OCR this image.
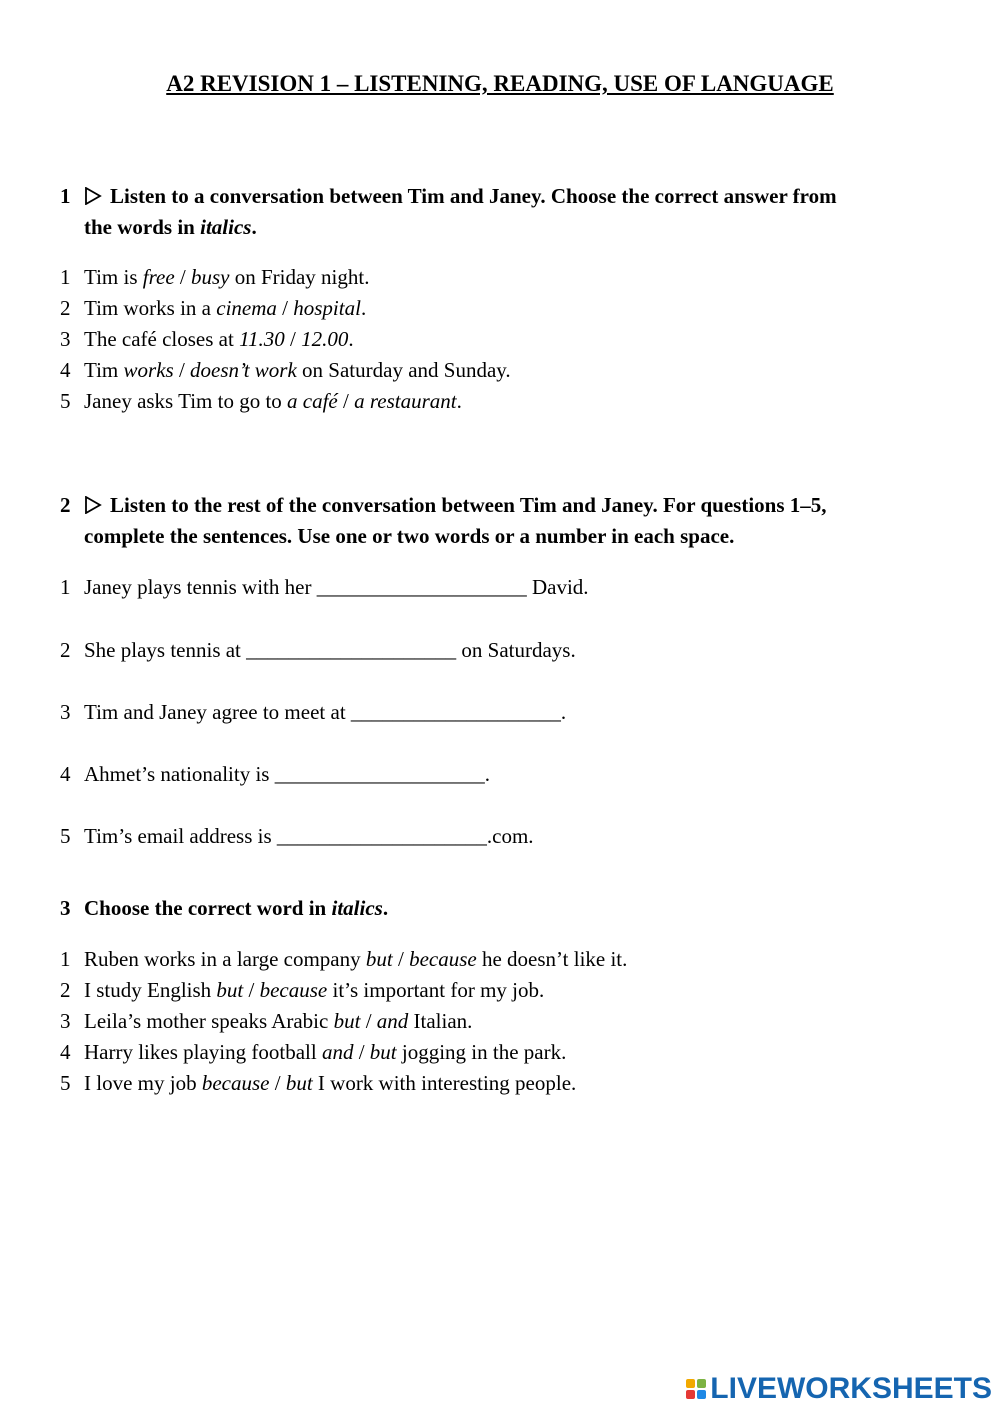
A2 REVISION 1 – LISTENING, READING, USE OF LANGUAGE
1 Listen to a conversation between Tim and Janey. Choose the correct answer from
the words in italics.
1 Tim is free / busy on Friday night.
2 Tim works in a cinema / hospital.
3 The café closes at 11.30 / 12.00.
4 Tim works / doesn’t work on Saturday and Sunday.
5 Janey asks Tim to go to a café / a restaurant.
2 Listen to the rest of the conversation between Tim and Janey. For questions 1–5,
complete the sentences. Use one or two words or a number in each space.
1 Janey plays tennis with her ____________________ David.
2 She plays tennis at ____________________ on Saturdays.
3 Tim and Janey agree to meet at ____________________.
4 Ahmet’s nationality is ____________________.
5 Tim’s email address is ____________________.com.
3 Choose the correct word in italics.
1 Ruben works in a large company but / because he doesn’t like it.
2 I study English but / because it’s important for my job.
3 Leila’s mother speaks Arabic but / and Italian.
4 Harry likes playing football and / but jogging in the park.
5 I love my job because / but I work with interesting people.
LIVEWORKSHEETS
